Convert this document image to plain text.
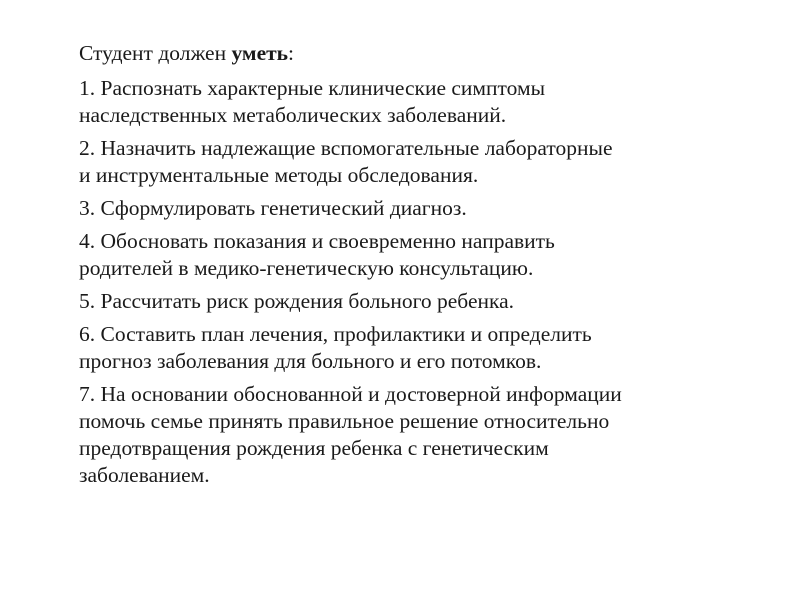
Студент должен уметь:

1. Распознать характерные клинические симптомы
наследственных метаболических заболеваний.

2. Назначить надлежащие вспомогательные лабораторные
и инструментальные методы обследования.

3. Сформулировать генетический диагноз.

4. Обосновать показания и своевременно направить
родителей в медико-генетическую консультацию.

5. Рассчитать риск рождения больного ребенка.

6. Составить план лечения, профилактики и определить
прогноз заболевания для больного и его потомков.

7. На основании обоснованной и достоверной информации
помочь семье принять правильное решение относительно
предотвращения рождения ребенка с генетическим
заболеванием.
